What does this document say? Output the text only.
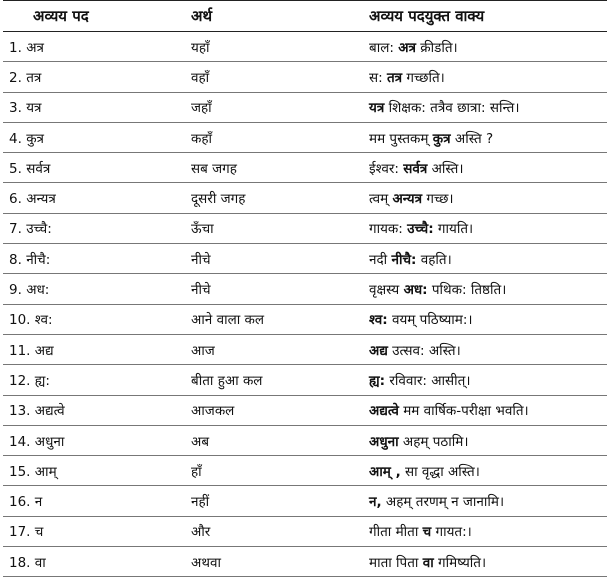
अव्यय पद	अर्थ	अव्यय पदयुक्त वाक्य
1. अत्र	यहाँ	बाल: अत्र क्रीडति।
2. तत्र	वहाँ	स: तत्र गच्छति।
3. यत्र	जहाँ	यत्र शिक्षक: तत्रैव छात्रा: सन्ति।
4. कुत्र	कहाँ	मम पुस्तकम् कुत्र अस्ति ?
5. सर्वत्र	सब जगह	ईश्वर: सर्वत्र अस्ति।
6. अन्यत्र	दूसरी जगह	त्वम् अन्यत्र गच्छ।
7. उच्चै:	ऊँचा	गायक: उच्चै: गायति।
8. नीचै:	नीचे	नदी नीचै: वहति।
9. अध:	नीचे	वृक्षस्य अध: पथिक: तिष्ठति।
10. श्व:	आने वाला कल	श्व: वयम् पठिष्याम:।
11. अद्य	आज	अद्य उत्सव: अस्ति।
12. ह्य:	बीता हुआ कल	ह्य: रविवार: आसीत्।
13. अद्यत्वे	आजकल	अद्यत्वे मम वार्षिक-परीक्षा भवति।
14. अधुना	अब	अधुना अहम् पठामि।
15. आम्	हाँ	आम् , सा वृद्धा अस्ति।
16. न	नहीं	न, अहम् तरणम् न जानामि।
17. च	और	गीता मीता च गायत:।
18. वा	अथवा	माता पिता वा गमिष्यति।
